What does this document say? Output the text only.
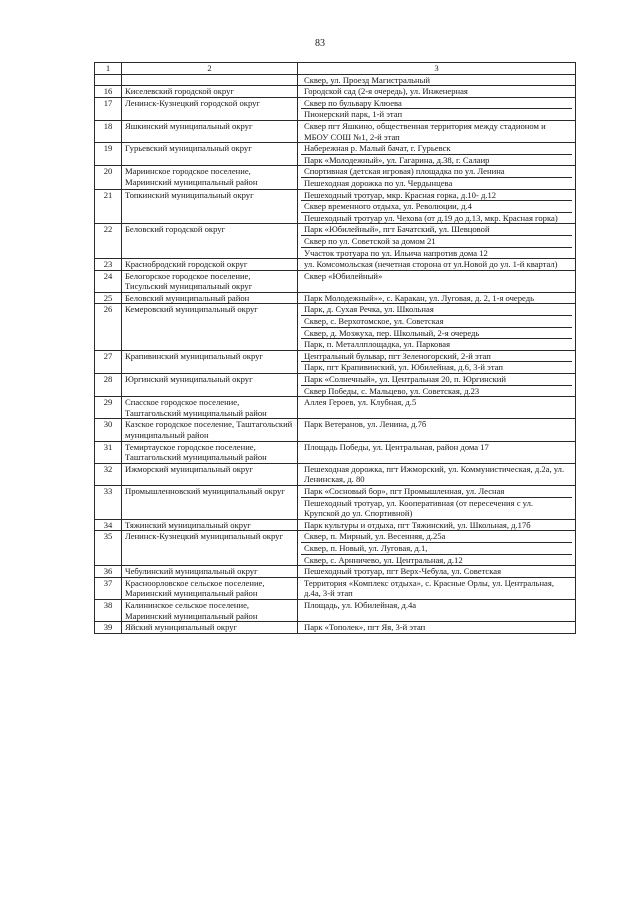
83
1	2	3

		Сквер, ул. Проезд Магистральный

16	Киселевский городской округ	Городской сад (2-я очередь), ул. Инженерная

17	Ленинск-Кузнецкий городской округ	Сквер по бульвару Клюева
Пионерский парк, 1-й этап

18	Яшкинский муниципальный округ	Сквер пгт Яшкино, общественная территория между стадионом и МБОУ СОШ №1, 2-й этап

19	Гурьевский муниципальный округ	Набережная р. Малый бачат, г. Гурьевск
Парк «Молодежный», ул. Гагарина, д.38, г. Салаир

20	Мариинское городское поселение, Мариинский муниципальный район	Спортивная (детская игровая) площадка по ул. Ленина
Пешеходная дорожка по ул. Чердынцева

21	Топкинский муниципальный округ	Пешеходный тротуар, мкр. Красная горка, д.10- д.12
Сквер временного отдыха, ул. Революции, д.4
Пешеходный тротуар ул. Чехова (от д.19 до д.13, мкр. Красная горка)

22	Беловский городской округ	Парк «Юбилейный», пгт Бачатский, ул. Шевцовой
Сквер по ул. Советской за домом 21
Участок тротуара по ул. Ильича напротив дома 12

23	Краснобродский городской округ	ул. Комсомольская (нечетная сторона от ул.Новой до ул. 1-й квартал)

24	Белогорское городское поселение, Тисульский муниципальный округ	Сквер «Юбилейный»

25	Беловский муниципальный район	Парк Молодежный»», с. Каракан, ул. Луговая, д. 2, 1-я очередь

26	Кемеровский муниципальный округ	Парк, д. Сухая Речка, ул. Школьная
Сквер, с. Верхотомское, ул. Советская
Сквер, д. Мозжуха, пер. Школьный, 2-я очередь
Парк, п. Металлплощадка, ул. Парковая

27	Крапивинский муниципальный округ	Центральный бульвар, пгт Зеленогорский, 2-й этап
Парк, пгт Крапивинский, ул. Юбилейная, д.6, 3-й этап

28	Юргинский муниципальный округ	Парк «Солнечный», ул. Центральная 20, п. Юргинский
Сквер Победы, с. Мальцево, ул. Советская, д.23

29	Спасское городское поселение, Таштагольский муниципальный район	Аллея Героев, ул. Клубная, д.5

30	Казское городское поселение, Таштагольский муниципальный район	Парк Ветеранов, ул. Ленина, д.7б

31	Темиртауское городское поселение, Таштагольский муниципальный район	Площадь Победы, ул. Центральная, район дома 17

32	Ижморский муниципальный округ	Пешеходная дорожка, пгт Ижморский, ул. Коммунистическая, д.2а, ул. Ленинская, д. 80

33	Промышленновский муниципальный округ	Парк «Сосновый бор», пгт Промышленная, ул. Лесная
Пешеходный тротуар, ул. Кооперативная (от пересечения с ул. Крупской до ул. Спортивной)

34	Тяжинский муниципальный округ	Парк культуры и отдыха, пгт Тяжинский, ул. Школьная, д.17б

35	Ленинск-Кузнецкий муниципальный округ	Сквер, п. Мирный, ул. Весенняя, д.25а
Сквер, п. Новый, ул. Луговая, д.1,
Сквер, с. Арнничево, ул. Центральная, д.12

36	Чебулинский муниципальный округ	Пешеходный тротуар, пгт Верх-Чебула, ул. Советская

37	Красноорловское сельское поселение, Мариинский муниципальный район	Территория «Комплекс отдыха», с. Красные Орлы, ул. Центральная, д.4а, 3-й этап

38	Калининское сельское поселение, Мариинский муниципальный район	Площадь, ул. Юбилейная, д.4а

39	Яйский муниципальный округ	Парк «Тополек», пгт Яя, 3-й этап
